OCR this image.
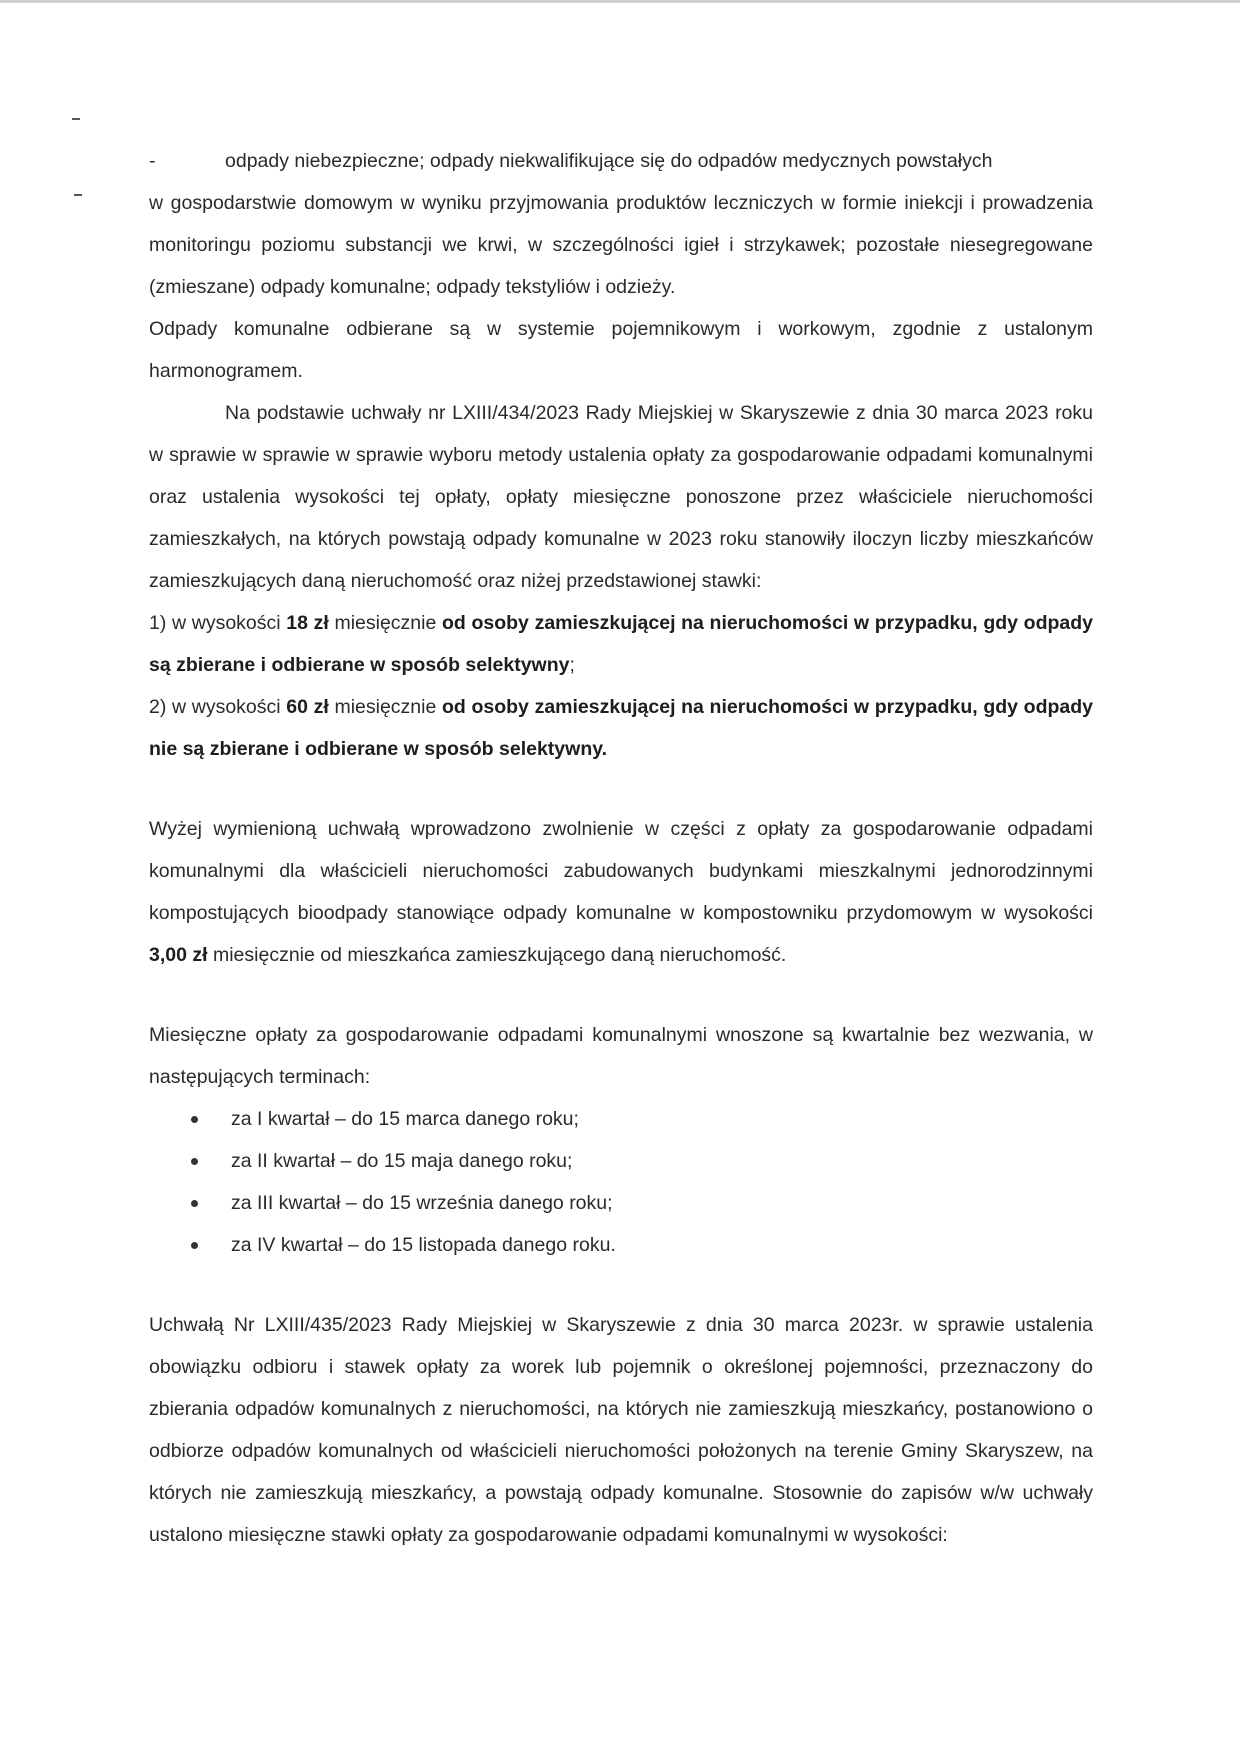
-	odpady niebezpieczne; odpady niekwalifikujące się do odpadów medycznych powstałych

w gospodarstwie domowym w wyniku przyjmowania produktów leczniczych w formie iniekcji i prowadzenia monitoringu poziomu substancji we krwi, w szczególności igieł i strzykawek; pozostałe niesegregowane (zmieszane) odpady komunalne; odpady tekstyliów i odzieży.

Odpady komunalne odbierane są w systemie pojemnikowym i workowym, zgodnie z ustalonym harmonogramem.

Na podstawie uchwały nr LXIII/434/2023 Rady Miejskiej w Skaryszewie z dnia 30 marca 2023 roku w sprawie w sprawie w sprawie wyboru metody ustalenia opłaty za gospodarowanie odpadami komunalnymi oraz ustalenia wysokości tej opłaty, opłaty miesięczne ponoszone przez właściciele nieruchomości zamieszkałych, na których powstają odpady komunalne w 2023 roku stanowiły iloczyn liczby mieszkańców zamieszkujących daną nieruchomość oraz niżej przedstawionej stawki:

1) w wysokości 18 zł miesięcznie od osoby zamieszkującej na nieruchomości w przypadku, gdy odpady są zbierane i odbierane w sposób selektywny;

2) w wysokości 60 zł miesięcznie od osoby zamieszkującej na nieruchomości w przypadku, gdy odpady nie są zbierane i odbierane w sposób selektywny.

Wyżej wymienioną uchwałą wprowadzono zwolnienie w części z opłaty za gospodarowanie odpadami komunalnymi dla właścicieli nieruchomości zabudowanych budynkami mieszkalnymi jednorodzinnymi kompostujących bioodpady stanowiące odpady komunalne w kompostowniku przydomowym w wysokości 3,00 zł miesięcznie od mieszkańca zamieszkującego daną nieruchomość.

Miesięczne opłaty za gospodarowanie odpadami komunalnymi wnoszone są kwartalnie bez wezwania, w następujących terminach:

za I kwartał – do 15 marca danego roku;
za II kwartał – do 15 maja danego roku;
za III kwartał – do 15 września danego roku;
za IV kwartał – do 15 listopada danego roku.

Uchwałą Nr LXIII/435/2023 Rady Miejskiej w Skaryszewie z dnia 30 marca 2023r. w sprawie ustalenia obowiązku odbioru i stawek opłaty za worek lub pojemnik o określonej pojemności, przeznaczony do zbierania odpadów komunalnych z nieruchomości, na których nie zamieszkują mieszkańcy, postanowiono o odbiorze odpadów komunalnych od właścicieli nieruchomości położonych na terenie Gminy Skaryszew, na których nie zamieszkują mieszkańcy, a powstają odpady komunalne. Stosownie do zapisów w/w uchwały ustalono miesięczne stawki opłaty za gospodarowanie odpadami komunalnymi w wysokości:
